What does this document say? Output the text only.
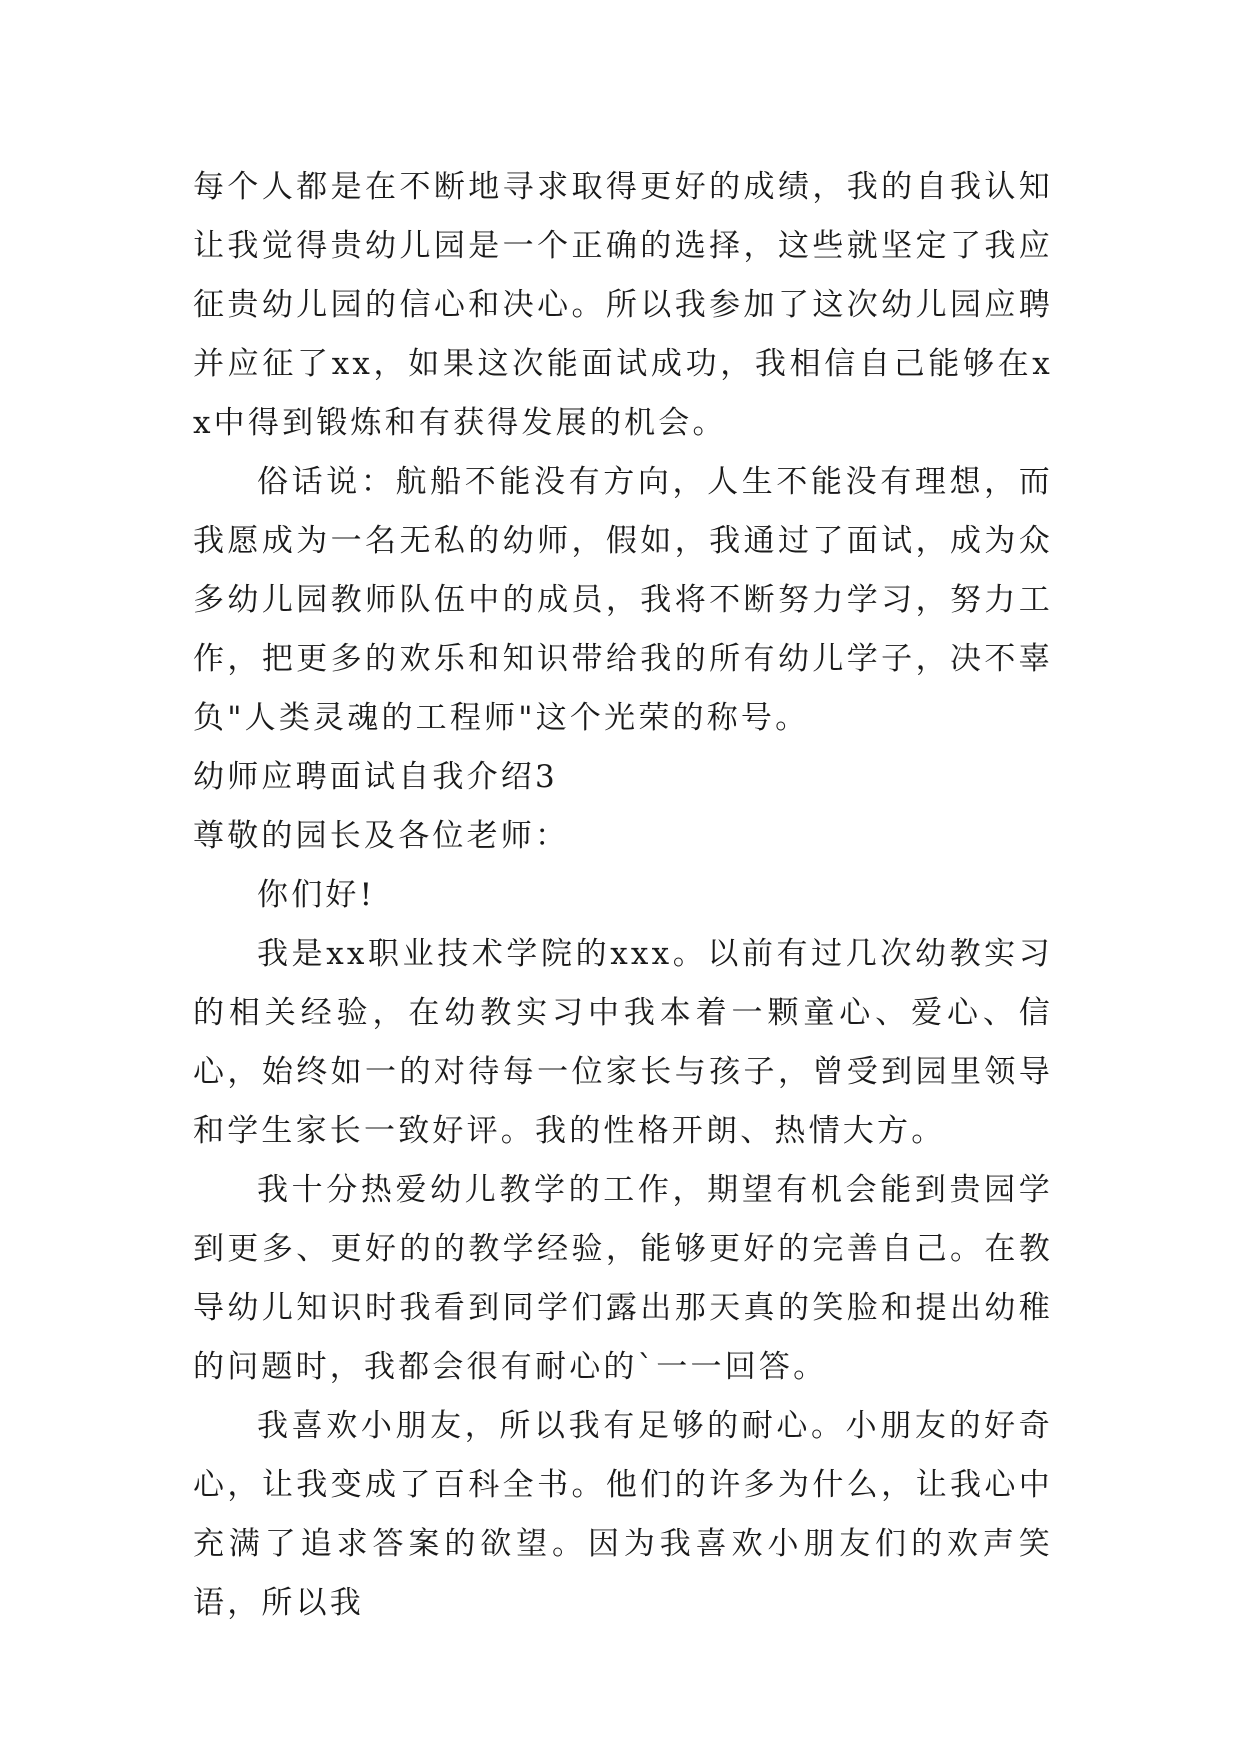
每个人都是在不断地寻求取得更好的成绩，我的自我认知让我觉得贵幼儿园是一个正确的选择，这些就坚定了我应征贵幼儿园的信心和决心。所以我参加了这次幼儿园应聘并应征了xx，如果这次能面试成功，我相信自己能够在xx中得到锻炼和有获得发展的机会。

俗话说：航船不能没有方向，人生不能没有理想，而我愿成为一名无私的幼师，假如，我通过了面试，成为众多幼儿园教师队伍中的成员，我将不断努力学习，努力工作，把更多的欢乐和知识带给我的所有幼儿学子，决不辜负"人类灵魂的工程师"这个光荣的称号。

幼师应聘面试自我介绍3

尊敬的园长及各位老师：

你们好!

我是xx职业技术学院的xxx。以前有过几次幼教实习的相关经验，在幼教实习中我本着一颗童心、爱心、信心，始终如一的对待每一位家长与孩子，曾受到园里领导和学生家长一致好评。我的性格开朗、热情大方。

我十分热爱幼儿教学的工作，期望有机会能到贵园学到更多、更好的的教学经验，能够更好的完善自己。在教导幼儿知识时我看到同学们露出那天真的笑脸和提出幼稚的问题时，我都会很有耐心的`一一回答。

我喜欢小朋友，所以我有足够的耐心。小朋友的好奇心，让我变成了百科全书。他们的许多为什么，让我心中充满了追求答案的欲望。因为我喜欢小朋友们的欢声笑语，所以我
